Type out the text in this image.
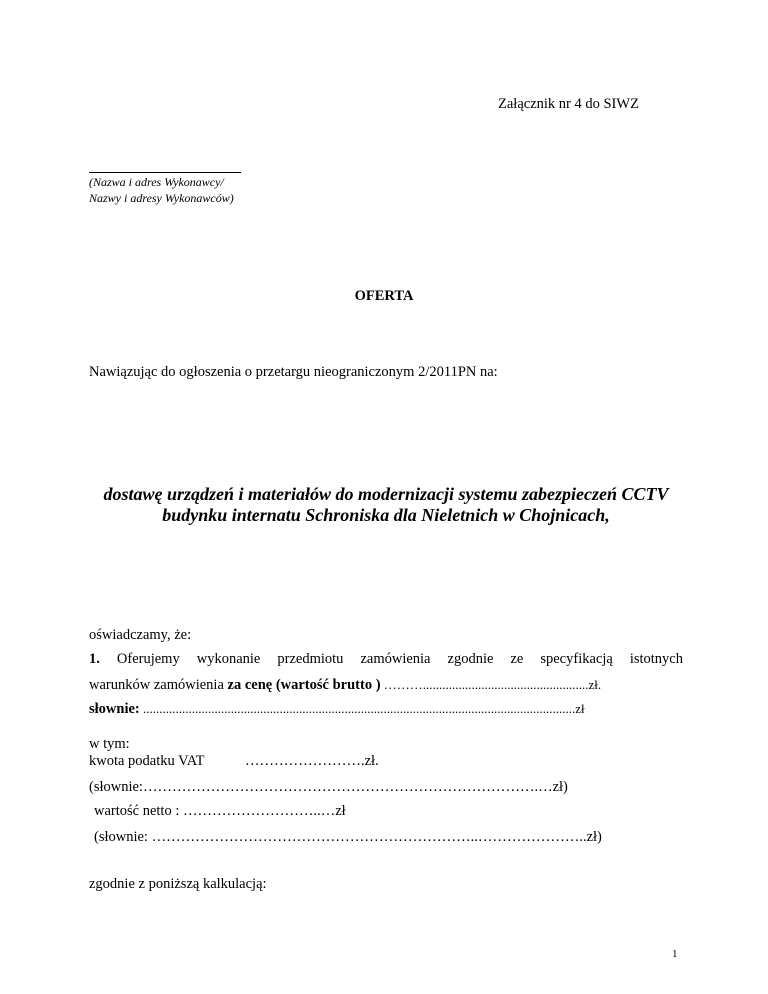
Załącznik nr 4 do SIWZ
(Nazwa i adres Wykonawcy/
Nazwy i adresy Wykonawców)
OFERTA
Nawiązując do ogłoszenia o przetargu nieograniczonym 2/2011PN na:
dostawę urządzeń i materiałów do modernizacji systemu zabezpieczeń CCTV
budynku internatu Schroniska dla Nieletnich w Chojnicach,
oświadczamy, że:
1. Oferujemy wykonanie przedmiotu zamówienia zgodnie ze specyfikacją istotnych
warunków zamówienia za cenę (wartość brutto ) ………...................................................zł.
słownie: .....................................................................................................................................zł
w tym:
kwota podatku VAT	…………………….zł.
(słownie:……………………………………………………………………….…zł)
wartość netto : ………………………..…zł
(słownie: …………………………………………………………..…………………..zł)
zgodnie z poniższą kalkulacją:
1
